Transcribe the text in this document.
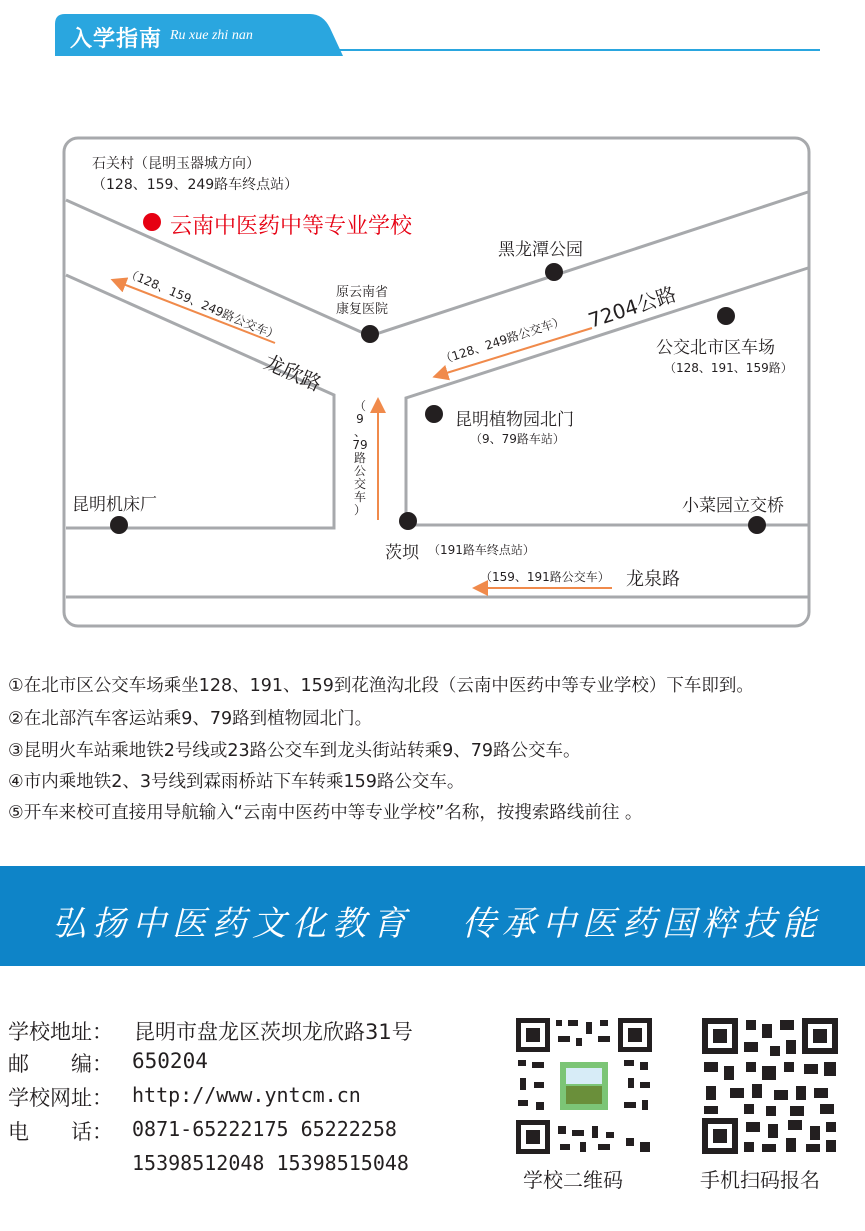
入学指南 Ru xue zhi nan
石关村（昆明玉器城方向）
（128、159、249路车终点站）
云南中医药中等专业学校
黑龙潭公园
原云南省
康复医院
公交北市区车场
（128、191、159路）
昆明植物园北门
（9、79路车站）
昆明机床厂	小菜园立交桥
茨坝 （191路车终点站）
龙欣路
7204公路
龙泉路
（128、159、249路公交车）	（128、249路公交车）
（159、191路公交车）
（
9
、
79
路
公
交
车
）
①在北市区公交车场乘坐128、191、159到花渔沟北段（云南中医药中等专业学校）下车即到。
②在北部汽车客运站乘9、79路到植物园北门。
③昆明火车站乘地铁2号线或23路公交车到龙头街站转乘9、79路公交车。
④市内乘地铁2、3号线到霖雨桥站下车转乘159路公交车。
⑤开车来校可直接用导航输入“云南中医药中等专业学校”名称，按搜索路线前往 。
弘扬中医药文化教育 传承中医药国粹技能
学校地址： 昆明市盘龙区茨坝龙欣路31号
邮　　编： 650204
学校网址： http://www.yntcm.cn
电　　话： 0871-65222175 65222258
15398512048 15398515048
学校二维码	手机扫码报名
